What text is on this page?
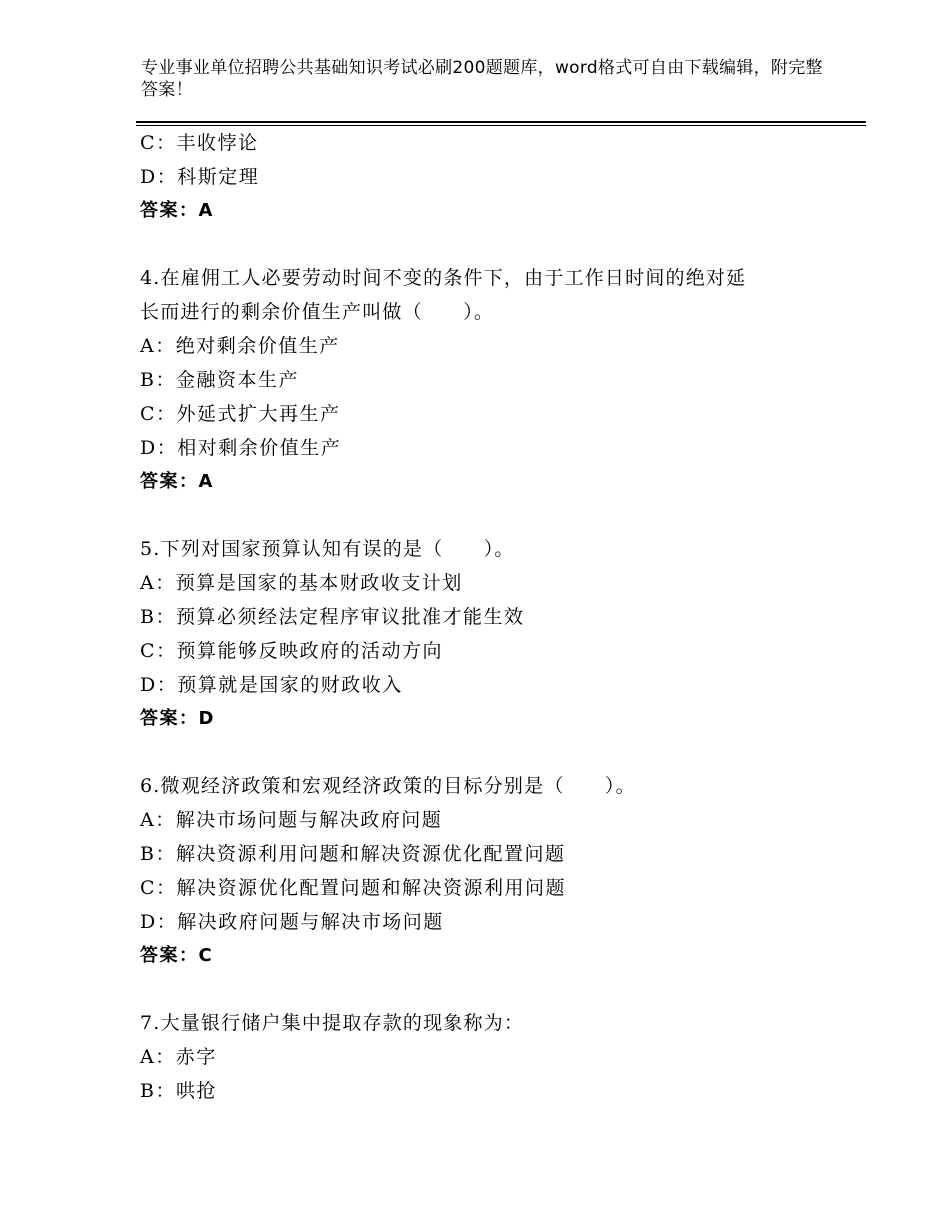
专业事业单位招聘公共基础知识考试必刷200题题库，word格式可自由下载编辑，附完整答案！
C：丰收悖论
D：科斯定理
答案：A
4.在雇佣工人必要劳动时间不变的条件下，由于工作日时间的绝对延
长而进行的剩余价值生产叫做（　　）。
A：绝对剩余价值生产
B：金融资本生产
C：外延式扩大再生产
D：相对剩余价值生产
答案：A
5.下列对国家预算认知有误的是（　　）。
A：预算是国家的基本财政收支计划
B：预算必须经法定程序审议批准才能生效
C：预算能够反映政府的活动方向
D：预算就是国家的财政收入
答案：D
6.微观经济政策和宏观经济政策的目标分别是（　　）。
A：解决市场问题与解决政府问题
B：解决资源利用问题和解决资源优化配置问题
C：解决资源优化配置问题和解决资源利用问题
D：解决政府问题与解决市场问题
答案：C
7.大量银行储户集中提取存款的现象称为：
A：赤字
B：哄抢
